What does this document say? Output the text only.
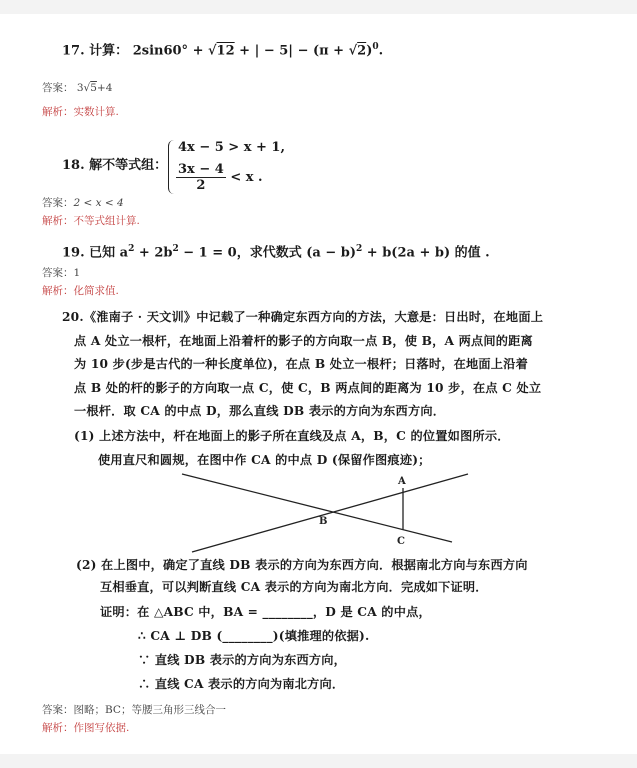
17. 计算： 2sin60° + √12 + | − $5| - (\pi + √2)^0$.
答案： 3√5+4
解析：实数计算.
18. 解不等式组：
4x − 5 > x + 1,
$\frac{3x - 4}{2} < x$ .
答案：2 < x < 4
解析：不等式组计算.
19. 已知 $a^2 + 2b^2 - 1 = 0$，求代数式 $(a - b)^2 + b(2a + b)$ 的值 .
答案：1
解析：化简求值.
20.《淮南子 · 天文训》中记载了一种确定东西方向的方法，大意是：日出时，在地面上
点 A 处立一根杆，在地面上沿着杆的影子的方向取一点 B，使 B，A 两点间的距离
为 10 步(步是古代的一种长度单位)，在点 B 处立一根杆；日落时，在地面上沿着
点 B 处的杆的影子的方向取一点 C，使 C，B 两点间的距离为 10 步，在点 C 处立
一根杆．取 CA 的中点 D，那么直线 DB 表示的方向为东西方向．
(1) 上述方法中，杆在地面上的影子所在直线及点 A，B，C 的位置如图所示．
使用直尺和圆规，在图中作 CA 的中点 D (保留作图痕迹)；
A
B
C
(2) 在上图中，确定了直线 DB 表示的方向为东西方向．根据南北方向与东西方向
互相垂直，可以判断直线 CA 表示的方向为南北方向．完成如下证明．
证明：在 △ABC 中，BA = ________，D 是 CA 的中点，
∴ CA ⊥ DB (________)(填推理的依据).
∵ 直线 DB 表示的方向为东西方向，
∴ 直线 CA 表示的方向为南北方向．
答案：图略；BC；等腰三角形三线合一
解析：作图写依据.
